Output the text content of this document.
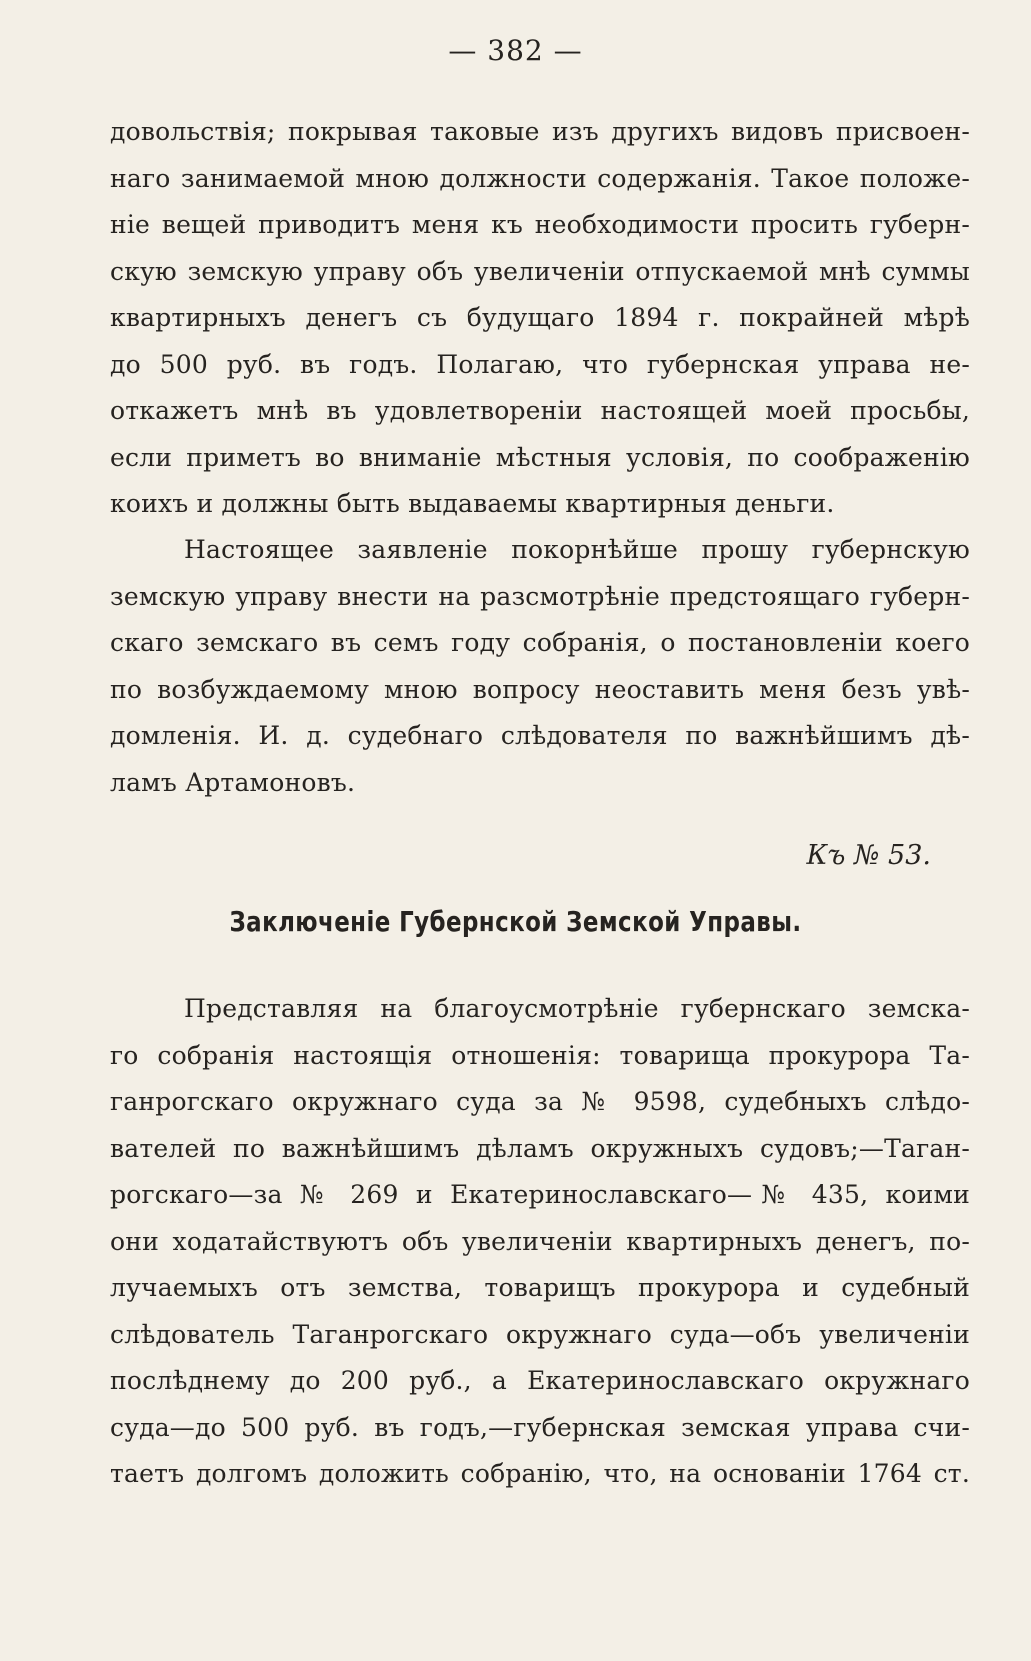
— 382 —
довольствія; покрывая таковые изъ другихъ видовъ присвоен-
наго занимаемой мною должности содержанія. Такое положе-
ніе вещей приводитъ меня къ необходимости просить губерн-
скую земскую управу объ увеличеніи отпускаемой мнѣ суммы
квартирныхъ денегъ съ будущаго 1894 г. покрайней мѣрѣ
до 500 руб. въ годъ. Полагаю, что губернская управа не-
откажетъ мнѣ въ удовлетвореніи настоящей моей просьбы,
если приметъ во вниманіе мѣстныя условія, по соображенію
коихъ и должны быть выдаваемы квартирныя деньги.
Настоящее заявленіе покорнѣйше прошу губернскую
земскую управу внести на разсмотрѣніе предстоящаго губерн-
скаго земскаго въ семъ году собранія, о постановленіи коего
по возбуждаемому мною вопросу неоставить меня безъ увѣ-
домленія. И. д. судебнаго слѣдователя по важнѣйшимъ дѣ-
ламъ Артамоновъ.
Къ № 53.
Заключеніе Губернской Земской Управы.
Представляя на благоусмотрѣніе губернскаго земска-
го собранія настоящія отношенія: товарища прокурора Та-
ганрогскаго окружнаго суда за № 9598, судебныхъ слѣдо-
вателей по важнѣйшимъ дѣламъ окружныхъ судовъ;—Таган-
рогскаго—за № 269 и Екатеринославскаго—№ 435, коими
они ходатайствуютъ объ увеличеніи квартирныхъ денегъ, по-
лучаемыхъ отъ земства, товарищъ прокурора и судебный
слѣдователь Таганрогскаго окружнаго суда—объ увеличеніи
послѣднему до 200 руб., а Екатеринославскаго окружнаго
суда—до 500 руб. въ годъ,—губернская земская управа счи-
таетъ долгомъ доложить собранію, что, на основаніи 1764 ст.
